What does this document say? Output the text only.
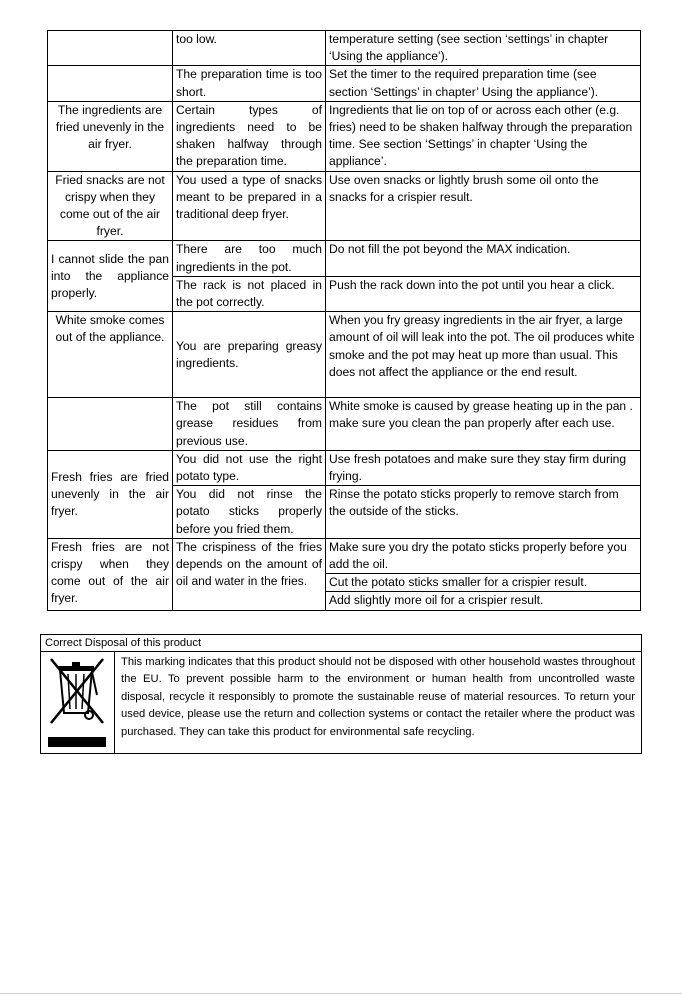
	too low.	temperature setting (see section ‘settings’ in chapter ‘Using the appliance’).
	The preparation time is too short.	Set the timer to the required preparation time (see section ‘Settings’ in chapter’ Using the appliance’).
The ingredients are fried unevenly in the air fryer.	Certain types of ingredients need to be shaken halfway through the preparation time.	Ingredients that lie on top of or across each other (e.g. fries) need to be shaken halfway through the preparation time. See section ‘Settings’ in chapter ‘Using the appliance’.
Fried snacks are not crispy when they come out of the air fryer.	You used a type of snacks meant to be prepared in a traditional deep fryer.	Use oven snacks or lightly brush some oil onto the snacks for a crispier result.
I cannot slide the pan into the appliance properly.	There are too much ingredients in the pot.	Do not fill the pot beyond the MAX indication.
	The rack is not placed in the pot correctly.	Push the rack down into the pot until you hear a click.
White smoke comes out of the appliance.	You are preparing greasy ingredients.	When you fry greasy ingredients in the air fryer, a large amount of oil will leak into the pot. The oil produces white smoke and the pot may heat up more than usual. This does not affect the appliance or the end result.
	The pot still contains grease residues from previous use.	White smoke is caused by grease heating up in the pan . make sure you clean the pan properly after each use.
Fresh fries are fried unevenly in the air fryer.	You did not use the right potato type.	Use fresh potatoes and make sure they stay firm during frying.
	You did not rinse the potato sticks properly before you fried them.	Rinse the potato sticks properly to remove starch from the outside of the sticks.
Fresh fries are not crispy when they come out of the air fryer.	The crispiness of the fries depends on the amount of oil and water in the fries.	Make sure you dry the potato sticks properly before you add the oil.
		Cut the potato sticks smaller for a crispier result.
		Add slightly more oil for a crispier result.
Correct Disposal of this product
This marking indicates that this product should not be disposed with other household wastes throughout the EU. To prevent possible harm to the environment or human health from uncontrolled waste disposal, recycle it responsibly to promote the sustainable reuse of material resources. To return your used device, please use the return and collection systems or contact the retailer where the product was purchased. They can take this product for environmental safe recycling.
